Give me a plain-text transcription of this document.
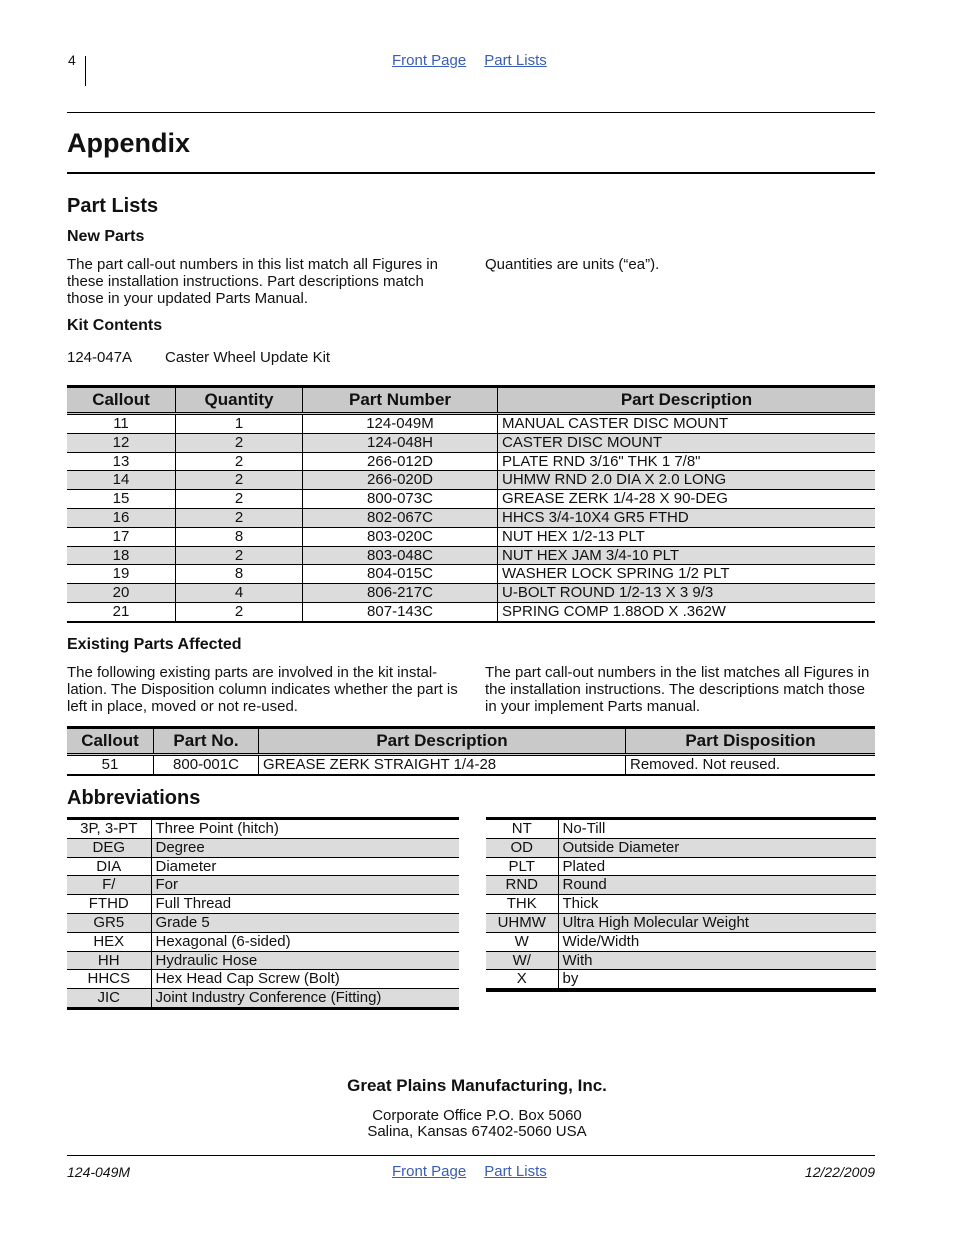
4	Front Page Part Lists
Appendix
Part Lists
New Parts
The part call-out numbers in this list match all Figures in these installation instructions. Part descriptions match those in your updated Parts Manual.
Quantities are units (“ea”).
Kit Contents
124-047A Caster Wheel Update Kit
Callout	Quantity	Part Number	Part Description
11	1	124-049M	MANUAL CASTER DISC MOUNT
12	2	124-048H	CASTER DISC MOUNT
13	2	266-012D	PLATE RND 3/16" THK 1 7/8"
14	2	266-020D	UHMW RND 2.0 DIA X 2.0 LONG
15	2	800-073C	GREASE ZERK 1/4-28 X 90-DEG
16	2	802-067C	HHCS 3/4-10X4 GR5 FTHD
17	8	803-020C	NUT HEX 1/2-13 PLT
18	2	803-048C	NUT HEX JAM 3/4-10 PLT
19	8	804-015C	WASHER LOCK SPRING 1/2 PLT
20	4	806-217C	U-BOLT ROUND 1/2-13 X 3 9/3
21	2	807-143C	SPRING COMP 1.88OD X .362W
Existing Parts Affected
The following existing parts are involved in the kit instal-lation. The Disposition column indicates whether the part is left in place, moved or not re-used.
The part call-out numbers in the list matches all Figures in the installation instructions. The descriptions match those in your implement Parts manual.
Callout	Part No.	Part Description	Part Disposition
51	800-001C	GREASE ZERK STRAIGHT 1/4-28	Removed. Not reused.
Abbreviations
3P, 3-PT	Three Point (hitch)
DEG	Degree
DIA	Diameter
F/	For
FTHD	Full Thread
GR5	Grade 5
HEX	Hexagonal (6-sided)
HH	Hydraulic Hose
HHCS	Hex Head Cap Screw (Bolt)
JIC	Joint Industry Conference (Fitting)
NT	No-Till
OD	Outside Diameter
PLT	Plated
RND	Round
THK	Thick
UHMW	Ultra High Molecular Weight
W	Wide/Width
W/	With
X	by

Great Plains Manufacturing, Inc.
Corporate Office P.O. Box 5060
Salina, Kansas 67402-5060 USA
124-049M	Front Page Part Lists	12/22/2009
